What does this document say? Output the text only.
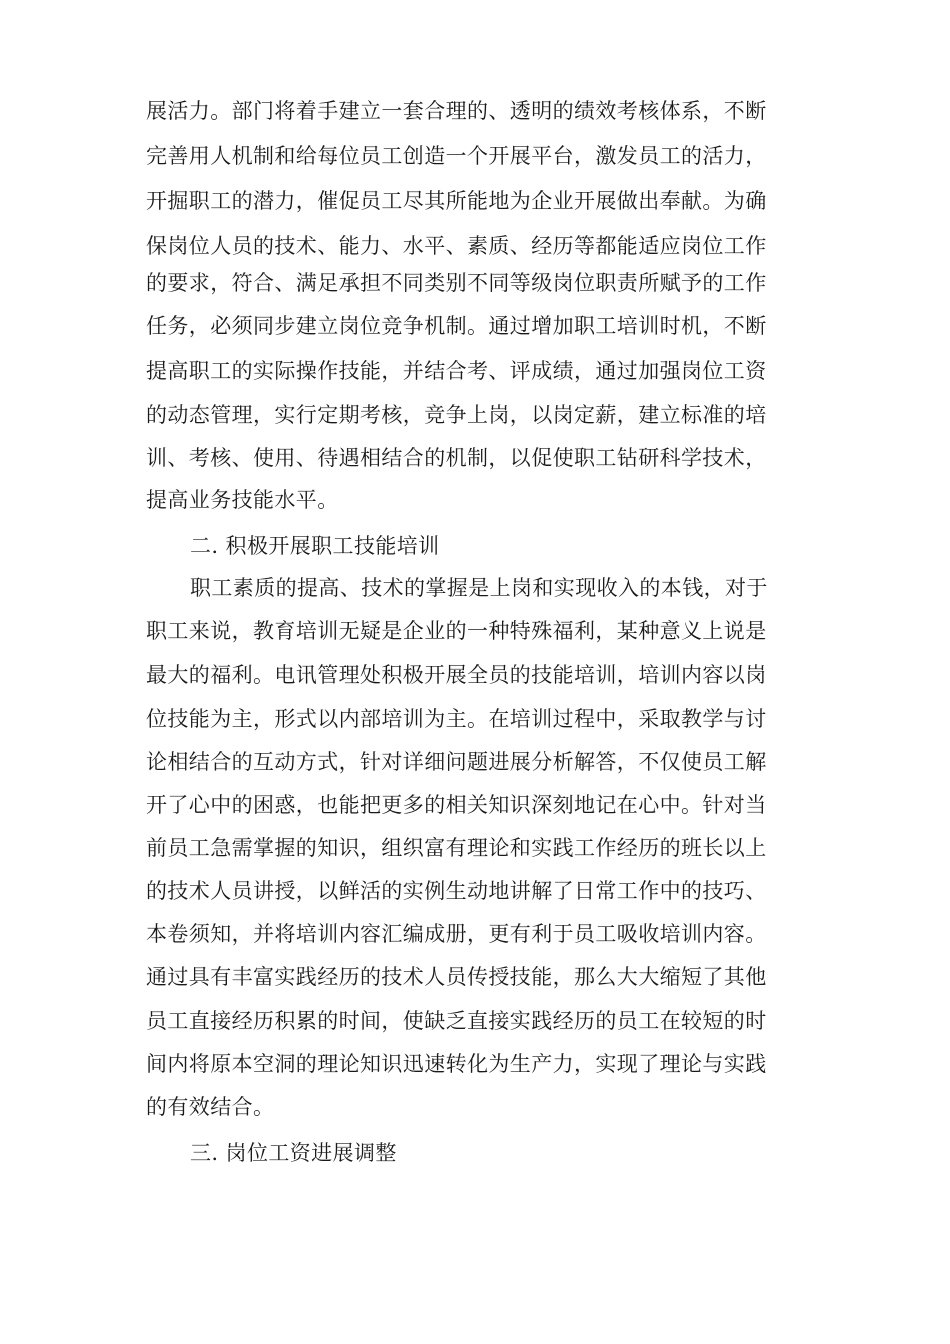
展活力。部门将着手建立一套合理的、透明的绩效考核体系，不断
完善用人机制和给每位员工创造一个开展平台，激发员工的活力，
开掘职工的潜力，催促员工尽其所能地为企业开展做出奉献。为确
保岗位人员的技术、能力、水平、素质、经历等都能适应岗位工作
的要求，符合、满足承担不同类别不同等级岗位职责所赋予的工作
任务，必须同步建立岗位竞争机制。通过增加职工培训时机，不断
提高职工的实际操作技能，并结合考、评成绩，通过加强岗位工资
的动态管理，实行定期考核，竞争上岗，以岗定薪，建立标准的培
训、考核、使用、待遇相结合的机制，以促使职工钻研科学技术，
提高业务技能水平。
二. 积极开展职工技能培训
职工素质的提高、技术的掌握是上岗和实现收入的本钱，对于
职工来说，教育培训无疑是企业的一种特殊福利，某种意义上说是
最大的福利。电讯管理处积极开展全员的技能培训，培训内容以岗
位技能为主，形式以内部培训为主。在培训过程中，采取教学与讨
论相结合的互动方式，针对详细问题进展分析解答，不仅使员工解
开了心中的困惑，也能把更多的相关知识深刻地记在心中。针对当
前员工急需掌握的知识，组织富有理论和实践工作经历的班长以上
的技术人员讲授，以鲜活的实例生动地讲解了日常工作中的技巧、
本卷须知，并将培训内容汇编成册，更有利于员工吸收培训内容。
通过具有丰富实践经历的技术人员传授技能，那么大大缩短了其他
员工直接经历积累的时间，使缺乏直接实践经历的员工在较短的时
间内将原本空洞的理论知识迅速转化为生产力，实现了理论与实践
的有效结合。
三. 岗位工资进展调整
